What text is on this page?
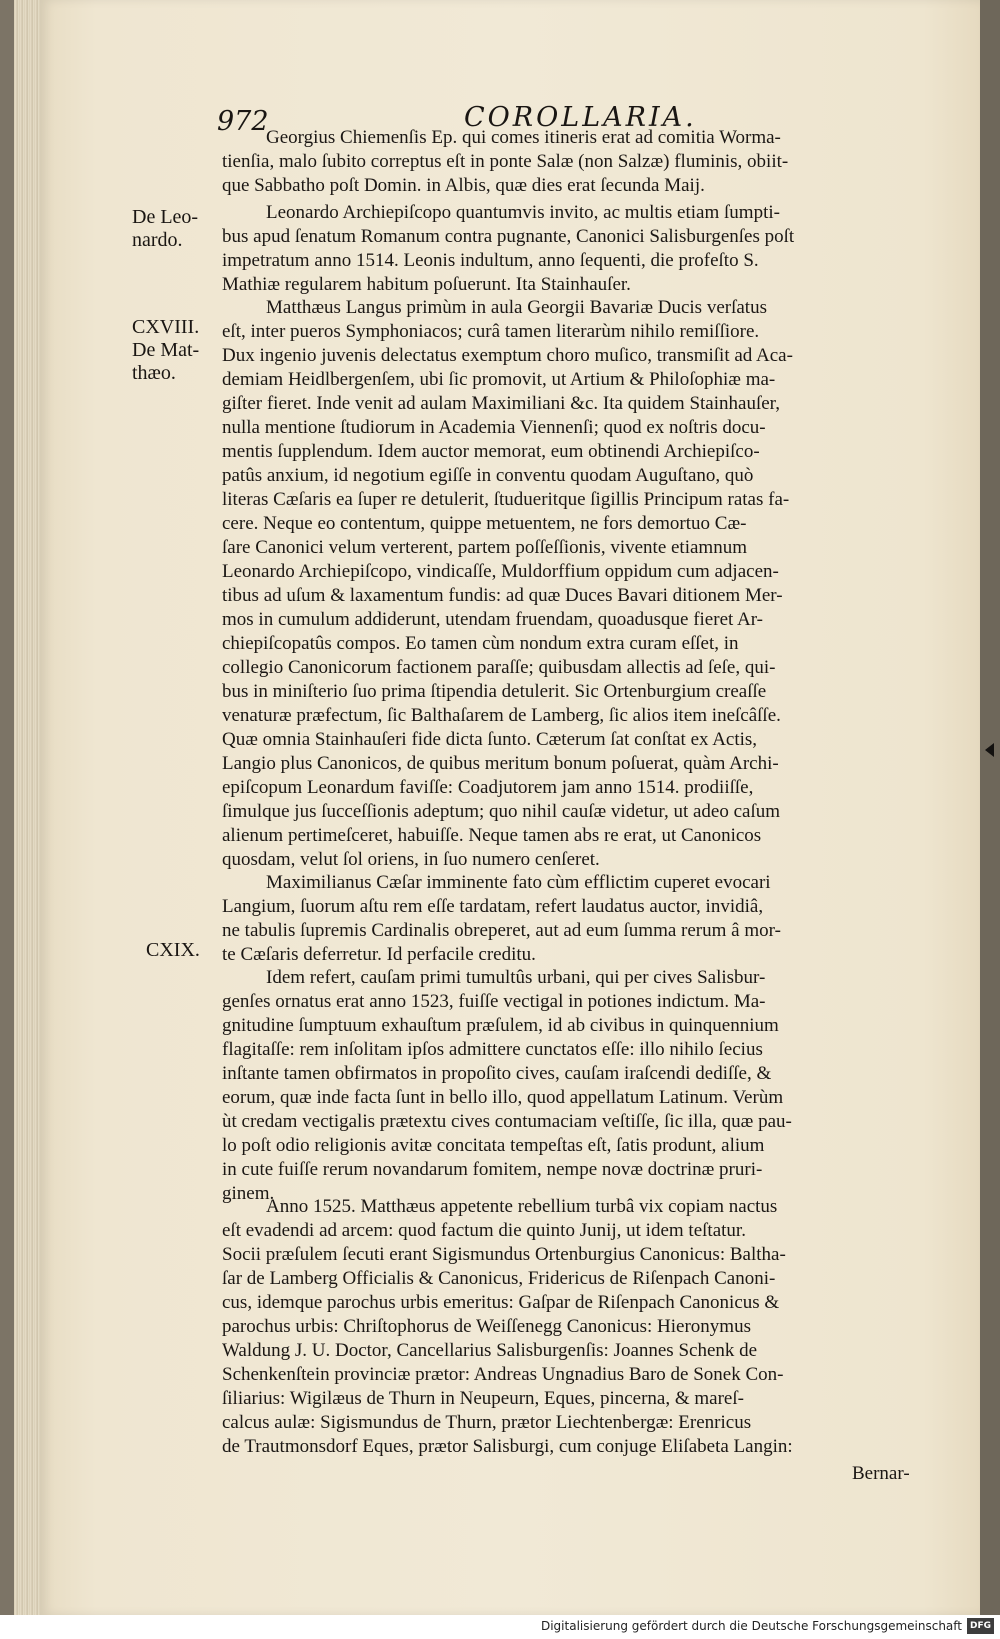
972	COROLLARIA.
De Leo-
nardo.
CXVIII.
De Mat-
thæo.
CXIX.
Georgius Chiemenſis Ep. qui comes itineris erat ad comitia Worma-
tienſia, malo ſubito correptus eſt in ponte Salæ (non Salzæ) fluminis, obiit-
que Sabbatho poſt Domin. in Albis, quæ dies erat ſecunda Maij.
Leonardo Archiepiſcopo quantumvis invito, ac multis etiam ſumpti-
bus apud ſenatum Romanum contra pugnante, Canonici Salisburgenſes poſt
impetratum anno 1514. Leonis indultum, anno ſequenti, die profeſto S.
Mathiæ regularem habitum poſuerunt. Ita Stainhauſer.
Matthæus Langus primùm in aula Georgii Bavariæ Ducis verſatus
eſt, inter pueros Symphoniacos; curâ tamen literarùm nihilo remiſſiore.
Dux ingenio juvenis delectatus exemptum choro muſico, transmiſit ad Aca-
demiam Heidlbergenſem, ubi ſic promovit, ut Artium & Philoſophiæ ma-
giſter fieret. Inde venit ad aulam Maximiliani &c. Ita quidem Stainhauſer,
nulla mentione ſtudiorum in Academia Viennenſi; quod ex noſtris docu-
mentis ſupplendum. Idem auctor memorat, eum obtinendi Archiepiſco-
patûs anxium, id negotium egiſſe in conventu quodam Auguſtano, quò
literas Cæſaris ea ſuper re detulerit, ſtudueritque ſigillis Principum ratas fa-
cere. Neque eo contentum, quippe metuentem, ne fors demortuo Cæ-
ſare Canonici velum verterent, partem poſſeſſionis, vivente etiamnum
Leonardo Archiepiſcopo, vindicaſſe, Muldorffium oppidum cum adjacen-
tibus ad uſum & laxamentum fundis: ad quæ Duces Bavari ditionem Mer-
mos in cumulum addiderunt, utendam fruendam, quoadusque fieret Ar-
chiepiſcopatûs compos. Eo tamen cùm nondum extra curam eſſet, in
collegio Canonicorum factionem paraſſe; quibusdam allectis ad ſeſe, qui-
bus in miniſterio ſuo prima ſtipendia detulerit. Sic Ortenburgium creaſſe
venaturæ præfectum, ſic Balthaſarem de Lamberg, ſic alios item ineſcâſſe.
Quæ omnia Stainhauſeri fide dicta ſunto. Cæterum ſat conſtat ex Actis,
Langio plus Canonicos, de quibus meritum bonum poſuerat, quàm Archi-
epiſcopum Leonardum faviſſe: Coadjutorem jam anno 1514. prodiiſſe,
ſimulque jus ſucceſſionis adeptum; quo nihil cauſæ videtur, ut adeo caſum
alienum pertimeſceret, habuiſſe. Neque tamen abs re erat, ut Canonicos
quosdam, velut ſol oriens, in ſuo numero cenſeret.
Maximilianus Cæſar imminente fato cùm efflictim cuperet evocari
Langium, ſuorum aſtu rem eſſe tardatam, refert laudatus auctor, invidiâ,
ne tabulis ſupremis Cardinalis obreperet, aut ad eum ſumma rerum â mor-
te Cæſaris deferretur. Id perfacile creditu.
Idem refert, cauſam primi tumultûs urbani, qui per cives Salisbur-
genſes ornatus erat anno 1523, fuiſſe vectigal in potiones indictum. Ma-
gnitudine ſumptuum exhauſtum præſulem, id ab civibus in quinquennium
flagitaſſe: rem inſolitam ipſos admittere cunctatos eſſe: illo nihilo ſecius
inſtante tamen obfirmatos in propoſito cives, cauſam iraſcendi dediſſe, &
eorum, quæ inde facta ſunt in bello illo, quod appellatum Latinum. Verùm
ùt credam vectigalis prætextu cives contumaciam veſtiſſe, ſic illa, quæ pau-
lo poſt odio religionis avitæ concitata tempeſtas eſt, ſatis produnt, alium
in cute fuiſſe rerum novandarum fomitem, nempe novæ doctrinæ pruri-
ginem.
Anno 1525. Matthæus appetente rebellium turbâ vix copiam nactus
eſt evadendi ad arcem: quod factum die quinto Junij, ut idem teſtatur.
Socii præſulem ſecuti erant Sigismundus Ortenburgius Canonicus: Baltha-
ſar de Lamberg Officialis & Canonicus, Fridericus de Riſenpach Canoni-
cus, idemque parochus urbis emeritus: Gaſpar de Riſenpach Canonicus &
parochus urbis: Chriſtophorus de Weiſſenegg Canonicus: Hieronymus
Waldung J. U. Doctor, Cancellarius Salisburgenſis: Joannes Schenk de
Schenkenſtein provinciæ prætor: Andreas Ungnadius Baro de Sonek Con-
ſiliarius: Wigilæus de Thurn in Neupeurn, Eques, pincerna, & mareſ-
calcus aulæ: Sigismundus de Thurn, prætor Liechtenbergæ: Erenricus
de Trautmonsdorf Eques, prætor Salisburgi, cum conjuge Eliſabeta Langin:
Bernar-
Digitalisierung gefördert durch die Deutsche Forschungsgemeinschaft DFG
